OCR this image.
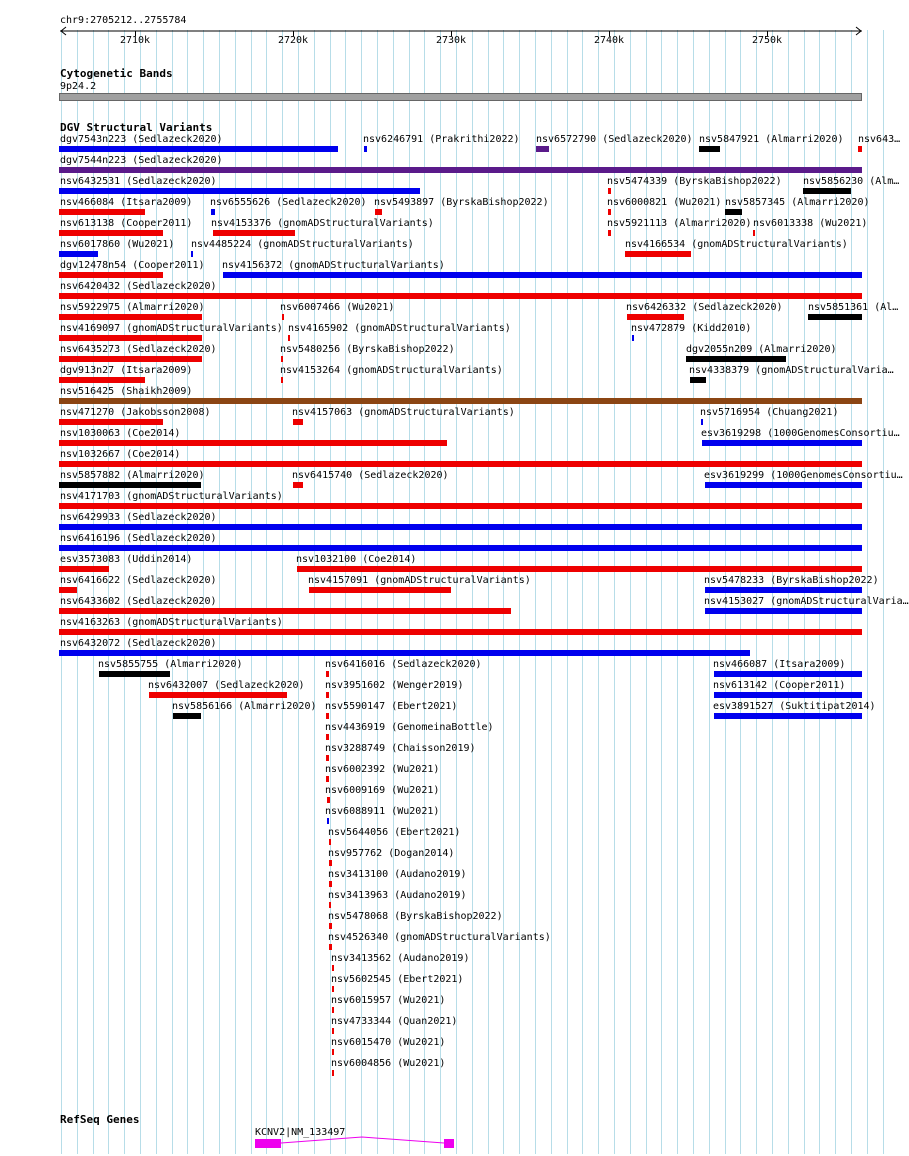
chr9:2705212..2755784
2710k	2720k	2730k	2740k	2750k
Cytogenetic Bands
9p24.2
DGV Structural Variants
dgv7543n223 (Sedlazeck2020)	nsv6246791 (Prakrithi2022) nsv6572790 (Sedlazeck2020) nsv5847921 (Almarri2020) nsv643…
dgv7544n223 (Sedlazeck2020)
nsv6432531 (Sedlazeck2020)	nsv5474339 (ByrskaBishop2022) nsv5856230 (Alm…
nsv466084 (Itsara2009) nsv6555626 (Sedlazeck2020) nsv5493897 (ByrskaBishop2022)	nsv6000821 (Wu2021) nsv5857345 (Almarri2020)
nsv613138 (Cooper2011) nsv4153376 (gnomADStructuralVariants)	nsv5921113 (Almarri2020) nsv6013338 (Wu2021)
nsv6017860 (Wu2021) nsv4485224 (gnomADStructuralVariants)	nsv4166534 (gnomADStructuralVariants)
dgv12478n54 (Cooper2011) nsv4156372 (gnomADStructuralVariants)
nsv6420432 (Sedlazeck2020)
nsv5922975 (Almarri2020)	nsv6007466 (Wu2021)	nsv6426332 (Sedlazeck2020)	nsv5851361 (Al…
nsv4169097 (gnomADStructuralVariants) nsv4165902 (gnomADStructuralVariants)	nsv472879 (Kidd2010)
nsv6435273 (Sedlazeck2020)	nsv5480256 (ByrskaBishop2022)	dgv2055n209 (Almarri2020)
dgv913n27 (Itsara2009)	nsv4153264 (gnomADStructuralVariants)	nsv4338379 (gnomADStructuralVaria…
nsv516425 (Shaikh2009)
nsv471270 (Jakobsson2008)	nsv4157063 (gnomADStructuralVariants)	nsv5716954 (Chuang2021)
nsv1030063 (Coe2014)	esv3619298 (1000GenomesConsortiu…
nsv1032667 (Coe2014)
nsv5857882 (Almarri2020)	nsv6415740 (Sedlazeck2020)	esv3619299 (1000GenomesConsortiu…
nsv4171703 (gnomADStructuralVariants)
nsv6429933 (Sedlazeck2020)
nsv6416196 (Sedlazeck2020)
esv3573083 (Uddin2014)	nsv1032100 (Coe2014)
nsv6416622 (Sedlazeck2020)	nsv4157091 (gnomADStructuralVariants)	nsv5478233 (ByrskaBishop2022)
nsv6433602 (Sedlazeck2020)	nsv4153027 (gnomADStructuralVaria…
nsv4163263 (gnomADStructuralVariants)
nsv6432072 (Sedlazeck2020)
nsv5855755 (Almarri2020)	nsv6416016 (Sedlazeck2020)	nsv466087 (Itsara2009)
nsv6432007 (Sedlazeck2020) nsv3951602 (Wenger2019)	nsv613142 (Cooper2011)
nsv5856166 (Almarri2020) nsv5590147 (Ebert2021)	esv3891527 (Suktitipat2014)
nsv4436919 (GenomeinaBottle)
nsv3288749 (Chaisson2019)
nsv6002392 (Wu2021)
nsv6009169 (Wu2021)
nsv6088911 (Wu2021)
nsv5644056 (Ebert2021)
nsv957762 (Dogan2014)
nsv3413100 (Audano2019)
nsv3413963 (Audano2019)
nsv5478068 (ByrskaBishop2022)
nsv4526340 (gnomADStructuralVariants)
nsv3413562 (Audano2019)
nsv5602545 (Ebert2021)
nsv6015957 (Wu2021)
nsv4733344 (Quan2021)
nsv6015470 (Wu2021)
nsv6004856 (Wu2021)
RefSeq Genes
KCNV2|NM_133497
